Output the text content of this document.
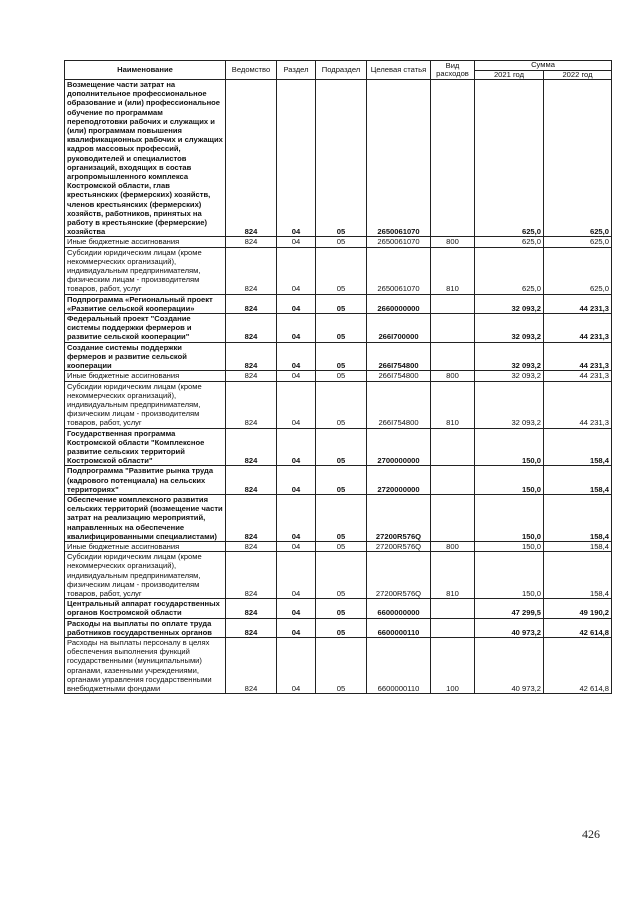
Наименование	Ведомство	Раздел	Подраздел	Целевая статья	Вид расходов	Сумма	
						2021 год	2022 год
Возмещение части затрат на дополнительное профессиональное образование и (или) профессиональное обучение по программам переподготовки рабочих и служащих и (или) программам повышения квалификационных рабочих и служащих кадров массовых профессий, руководителей и специалистов организаций, входящих в состав агропромышленного комплекса Костромской области, глав крестьянских (фермерских) хозяйств, членов крестьянских (фермерских) хозяйств, работников, принятых на работу в крестьянские (фермерские) хозяйства	824	04	05	2650061070		625,0	625,0
Иные бюджетные ассигнования	824	04	05	2650061070	800	625,0	625,0
Субсидии юридическим лицам (кроме некоммерческих организаций), индивидуальным предпринимателям, физическим лицам - производителям товаров, работ, услуг	824	04	05	2650061070	810	625,0	625,0
Подпрограмма «Региональный проект «Развитие сельской кооперации»	824	04	05	2660000000		32 093,2	44 231,3
Федеральный проект "Создание системы поддержки фермеров и развитие сельской кооперации"	824	04	05	266I700000		32 093,2	44 231,3
Создание системы поддержки фермеров и развитие сельской кооперации	824	04	05	266I754800		32 093,2	44 231,3
Иные бюджетные ассигнования	824	04	05	266I754800	800	32 093,2	44 231,3
Субсидии юридическим лицам (кроме некоммерческих организаций), индивидуальным предпринимателям, физическим лицам - производителям товаров, работ, услуг	824	04	05	266I754800	810	32 093,2	44 231,3
Государственная программа Костромской области "Комплексное развитие сельских территорий Костромской области"	824	04	05	2700000000		150,0	158,4
Подпрограмма "Развитие рынка труда (кадрового потенциала) на сельских территориях"	824	04	05	2720000000		150,0	158,4
Обеспечение комплексного развития сельских территорий (возмещение части затрат на реализацию мероприятий, направленных на обеспечение квалифицированными специалистами)	824	04	05	27200R576Q		150,0	158,4
Иные бюджетные ассигнования	824	04	05	27200R576Q	800	150,0	158,4
Субсидии юридическим лицам (кроме некоммерческих организаций), индивидуальным предпринимателям, физическим лицам - производителям товаров, работ, услуг	824	04	05	27200R576Q	810	150,0	158,4
Центральный аппарат государственных органов Костромской области	824	04	05	6600000000		47 299,5	49 190,2
Расходы на выплаты по оплате труда работников государственных органов	824	04	05	6600000110		40 973,2	42 614,8
Расходы на выплаты персоналу в целях обеспечения выполнения функций государственными (муниципальными) органами, казенными учреждениями, органами управления государственными внебюджетными фондами	824	04	05	6600000110	100	40 973,2	42 614,8
426
